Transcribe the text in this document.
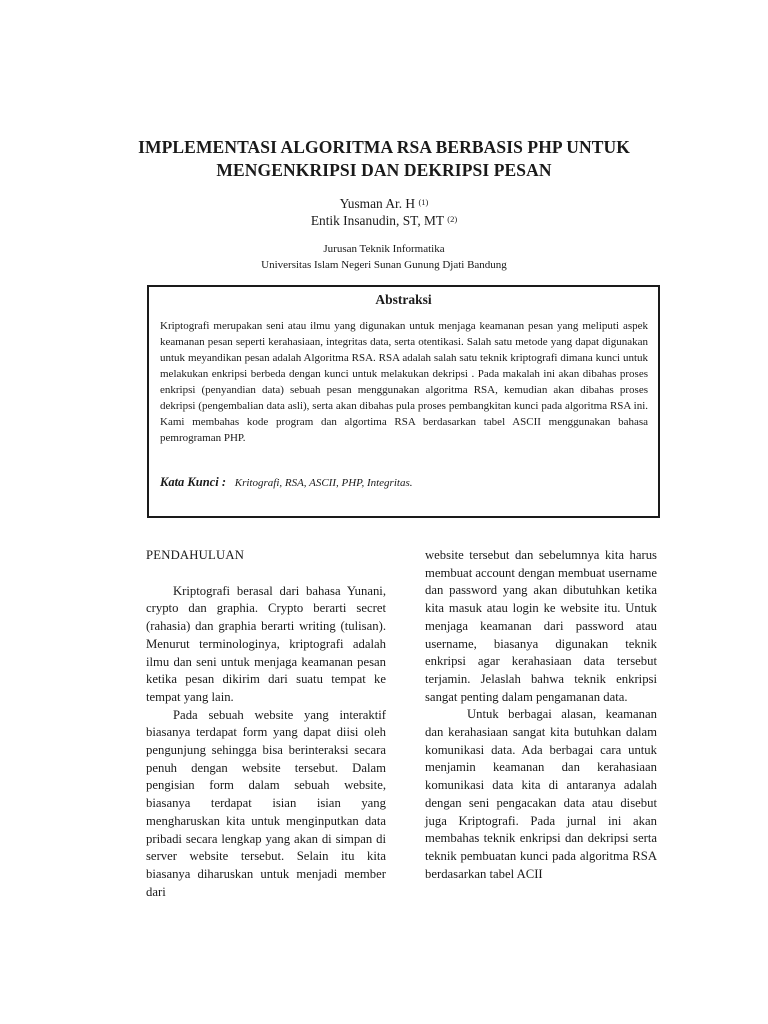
IMPLEMENTASI ALGORITMA RSA BERBASIS PHP UNTUK
MENGENKRIPSI DAN DEKRIPSI PESAN
Yusman Ar. H $^{(1)}$
Entik Insanudin, ST, MT $^{(2)}$
Jurusan Teknik Informatika
Universitas Islam Negeri Sunan Gunung Djati Bandung
Abstraksi
Kriptografi merupakan seni atau ilmu yang digunakan untuk menjaga keamanan pesan yang meliputi aspek keamanan pesan seperti kerahasiaan, integritas data, serta otentikasi. Salah satu metode yang dapat digunakan untuk meyandikan pesan adalah Algoritma RSA. RSA adalah salah satu teknik kriptografi dimana kunci untuk melakukan enkripsi berbeda dengan kunci untuk melakukan dekripsi . Pada makalah ini akan dibahas proses enkripsi (penyandian data) sebuah pesan menggunakan algoritma RSA, kemudian akan dibahas proses dekripsi (pengembalian data asli), serta akan dibahas pula proses pembangkitan kunci pada algoritma RSA ini. Kami membahas kode program dan algortima RSA berdasarkan tabel ASCII menggunakan bahasa pemrograman PHP.
Kata Kunci : Kritografi, RSA, ASCII, PHP, Integritas.

PENDAHULUAN

Kriptografi berasal dari bahasa Yunani, crypto dan graphia. Crypto berarti secret (rahasia) dan graphia berarti writing (tulisan). Menurut terminologinya, kriptografi adalah ilmu dan seni untuk menjaga keamanan pesan ketika pesan dikirim dari suatu tempat ke tempat yang lain.

Pada sebuah website yang interaktif biasanya terdapat form yang dapat diisi oleh pengunjung sehingga bisa berinteraksi secara penuh dengan website tersebut. Dalam pengisian form dalam sebuah website, biasanya terdapat isian isian yang mengharuskan kita untuk menginputkan data pribadi secara lengkap yang akan di simpan di server website tersebut. Selain itu kita biasanya diharuskan untuk menjadi member dari

website tersebut dan sebelumnya kita harus membuat account dengan membuat username dan password yang akan dibutuhkan ketika kita masuk atau login ke website itu. Untuk menjaga keamanan dari password atau username, biasanya digunakan teknik enkripsi agar kerahasiaan data tersebut terjamin. Jelaslah bahwa teknik enkripsi sangat penting dalam pengamanan data.

Untuk berbagai alasan, keamanan dan kerahasiaan sangat kita butuhkan dalam komunikasi data. Ada berbagai cara untuk menjamin keamanan dan kerahasiaan komunikasi data kita di antaranya adalah dengan seni pengacakan data atau disebut juga Kriptografi. Pada jurnal ini akan membahas teknik enkripsi dan dekripsi serta teknik pembuatan kunci pada algoritma RSA berdasarkan tabel ACII
